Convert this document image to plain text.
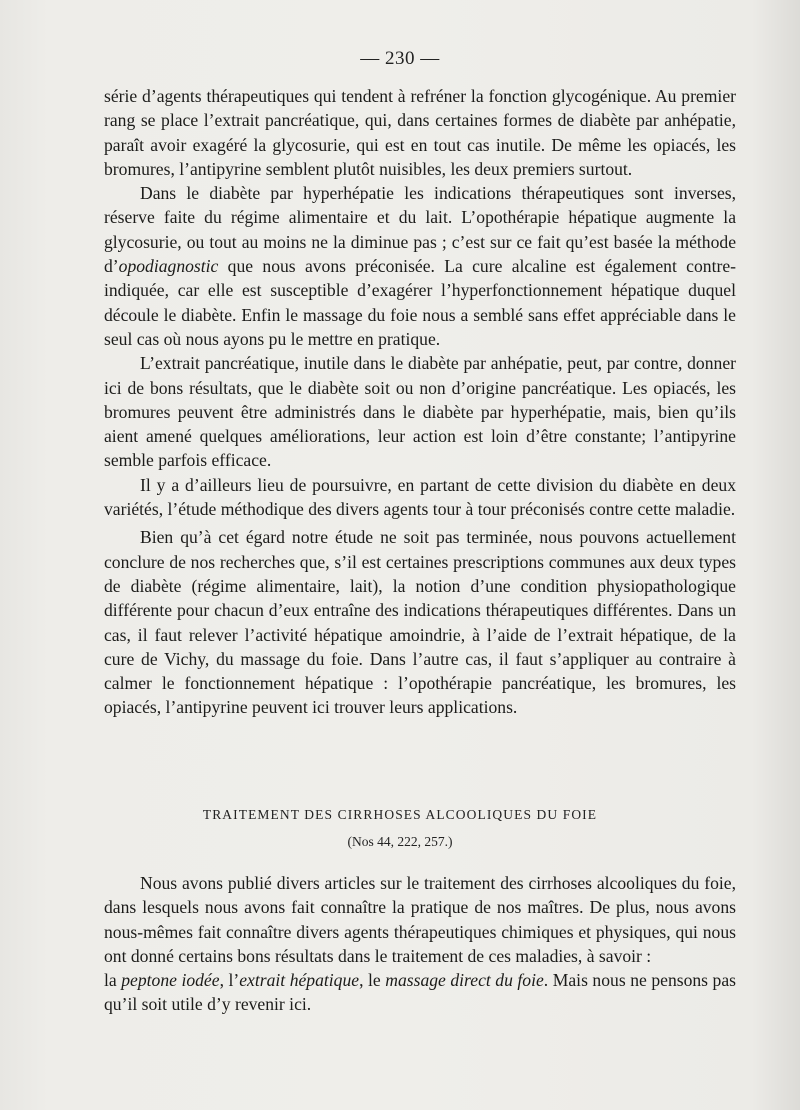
— 230 —

série d’agents thérapeutiques qui tendent à refréner la fonction glycogénique. Au premier rang se place l’extrait pancréatique, qui, dans certaines formes de diabète par anhépatie, paraît avoir exagéré la glycosurie, qui est en tout cas inutile. De même les opiacés, les bromures, l’antipyrine semblent plutôt nuisibles, les deux premiers surtout.

Dans le diabète par hyperhépatie les indications thérapeutiques sont inverses, réserve faite du régime alimentaire et du lait. L’opothérapie hépatique augmente la glycosurie, ou tout au moins ne la diminue pas ; c’est sur ce fait qu’est basée la méthode d’opodiagnostic que nous avons préconisée. La cure alcaline est également contre-indiquée, car elle est susceptible d’exagérer l’hyperfonctionnement hépatique duquel découle le diabète. Enfin le massage du foie nous a semblé sans effet appréciable dans le seul cas où nous ayons pu le mettre en pratique.

L’extrait pancréatique, inutile dans le diabète par anhépatie, peut, par contre, donner ici de bons résultats, que le diabète soit ou non d’origine pancréatique. Les opiacés, les bromures peuvent être administrés dans le diabète par hyperhépatie, mais, bien qu’ils aient amené quelques améliorations, leur action est loin d’être constante; l’antipyrine semble parfois efficace.

Il y a d’ailleurs lieu de poursuivre, en partant de cette division du diabète en deux variétés, l’étude méthodique des divers agents tour à tour préconisés contre cette maladie.

Bien qu’à cet égard notre étude ne soit pas terminée, nous pouvons actuellement conclure de nos recherches que, s’il est certaines prescriptions communes aux deux types de diabète (régime alimentaire, lait), la notion d’une condition physiopathologique différente pour chacun d’eux entraîne des indications thérapeutiques différentes. Dans un cas, il faut relever l’activité hépatique amoindrie, à l’aide de l’extrait hépatique, de la cure de Vichy, du massage du foie. Dans l’autre cas, il faut s’appliquer au contraire à calmer le fonctionnement hépatique : l’opothérapie pancréatique, les bromures, les opiacés, l’antipyrine peuvent ici trouver leurs applications.

TRAITEMENT DES CIRRHOSES ALCOOLIQUES DU FOIE
(Nos 44, 222, 257.)

Nous avons publié divers articles sur le traitement des cirrhoses alcooliques du foie, dans lesquels nous avons fait connaître la pratique de nos maîtres. De plus, nous avons nous-mêmes fait connaître divers agents thérapeutiques chimiques et physiques, qui nous ont donné certains bons résultats dans le traitement de ces maladies, à savoir :

la peptone iodée, l’extrait hépatique, le massage direct du foie. Mais nous ne pensons pas qu’il soit utile d’y revenir ici.
